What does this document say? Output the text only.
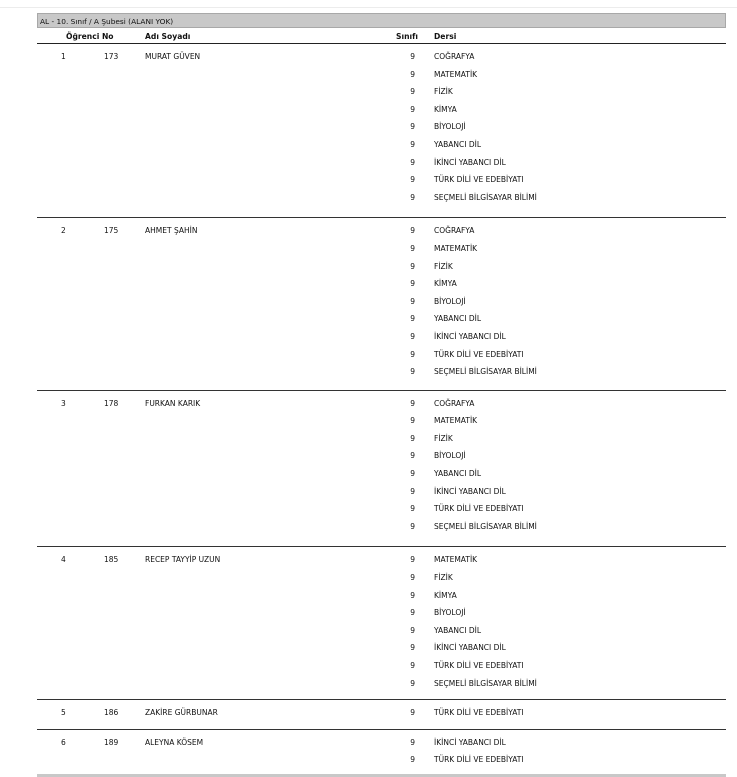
AL - 10. Sınıf / A Şubesi (ALANI YOK)
Öğrenci No	Adı Soyadı	Sınıfı Dersi
1	173	MURAT GÜVEN	9	COĞRAFYA
9	MATEMATİK
9	FİZİK
9	KİMYA
9	BİYOLOJİ
9	YABANCI DİL
9	İKİNCİ YABANCI DİL
9	TÜRK DİLİ VE EDEBİYATI
9	SEÇMELİ BİLGİSAYAR BİLİMİ
2	175	AHMET ŞAHİN	9	COĞRAFYA
9	MATEMATİK
9	FİZİK
9	KİMYA
9	BİYOLOJİ
9	YABANCI DİL
9	İKİNCİ YABANCI DİL
9	TÜRK DİLİ VE EDEBİYATI
9	SEÇMELİ BİLGİSAYAR BİLİMİ
3	178	FURKAN KARIK	9	COĞRAFYA
9	MATEMATİK
9	FİZİK
9	BİYOLOJİ
9	YABANCI DİL
9	İKİNCİ YABANCI DİL
9	TÜRK DİLİ VE EDEBİYATI
9	SEÇMELİ BİLGİSAYAR BİLİMİ
4	185	RECEP TAYYİP UZUN	9	MATEMATİK
9	FİZİK
9	KİMYA
9	BİYOLOJİ
9	YABANCI DİL
9	İKİNCİ YABANCI DİL
9	TÜRK DİLİ VE EDEBİYATI
9	SEÇMELİ BİLGİSAYAR BİLİMİ
5	186	ZAKİRE GÜRBUNAR	9	TÜRK DİLİ VE EDEBİYATI
6	189	ALEYNA KÖSEM	9	İKİNCİ YABANCI DİL
9	TÜRK DİLİ VE EDEBİYATI
